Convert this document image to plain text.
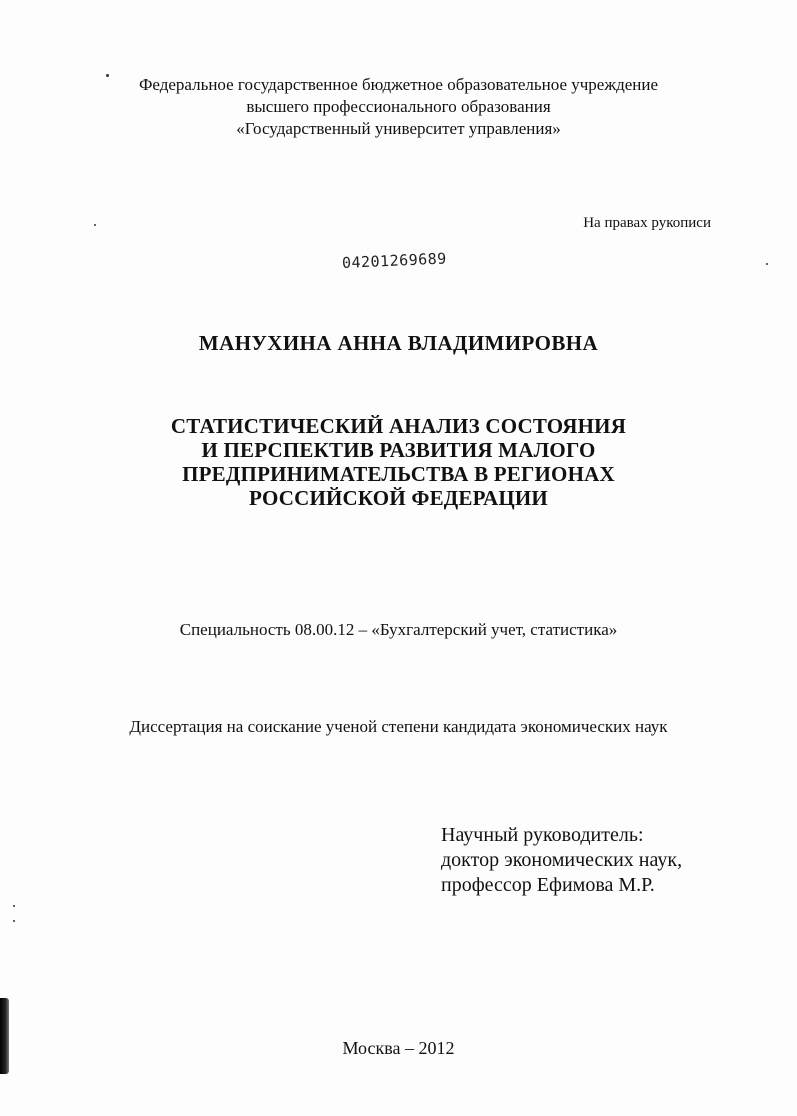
Федеральное государственное бюджетное образовательное учреждение
высшего профессионального образования
«Государственный университет управления»
На правах рукописи
04201269689
МАНУХИНА АННА ВЛАДИМИРОВНА
СТАТИСТИЧЕСКИЙ АНАЛИЗ СОСТОЯНИЯ
И ПЕРСПЕКТИВ РАЗВИТИЯ МАЛОГО
ПРЕДПРИНИМАТЕЛЬСТВА В РЕГИОНАХ
РОССИЙСКОЙ ФЕДЕРАЦИИ
Специальность 08.00.12 – «Бухгалтерский учет, статистика»
Диссертация на соискание ученой степени кандидата экономических наук
Научный руководитель:
доктор экономических наук,
профессор Ефимова М.Р.
Москва – 2012
